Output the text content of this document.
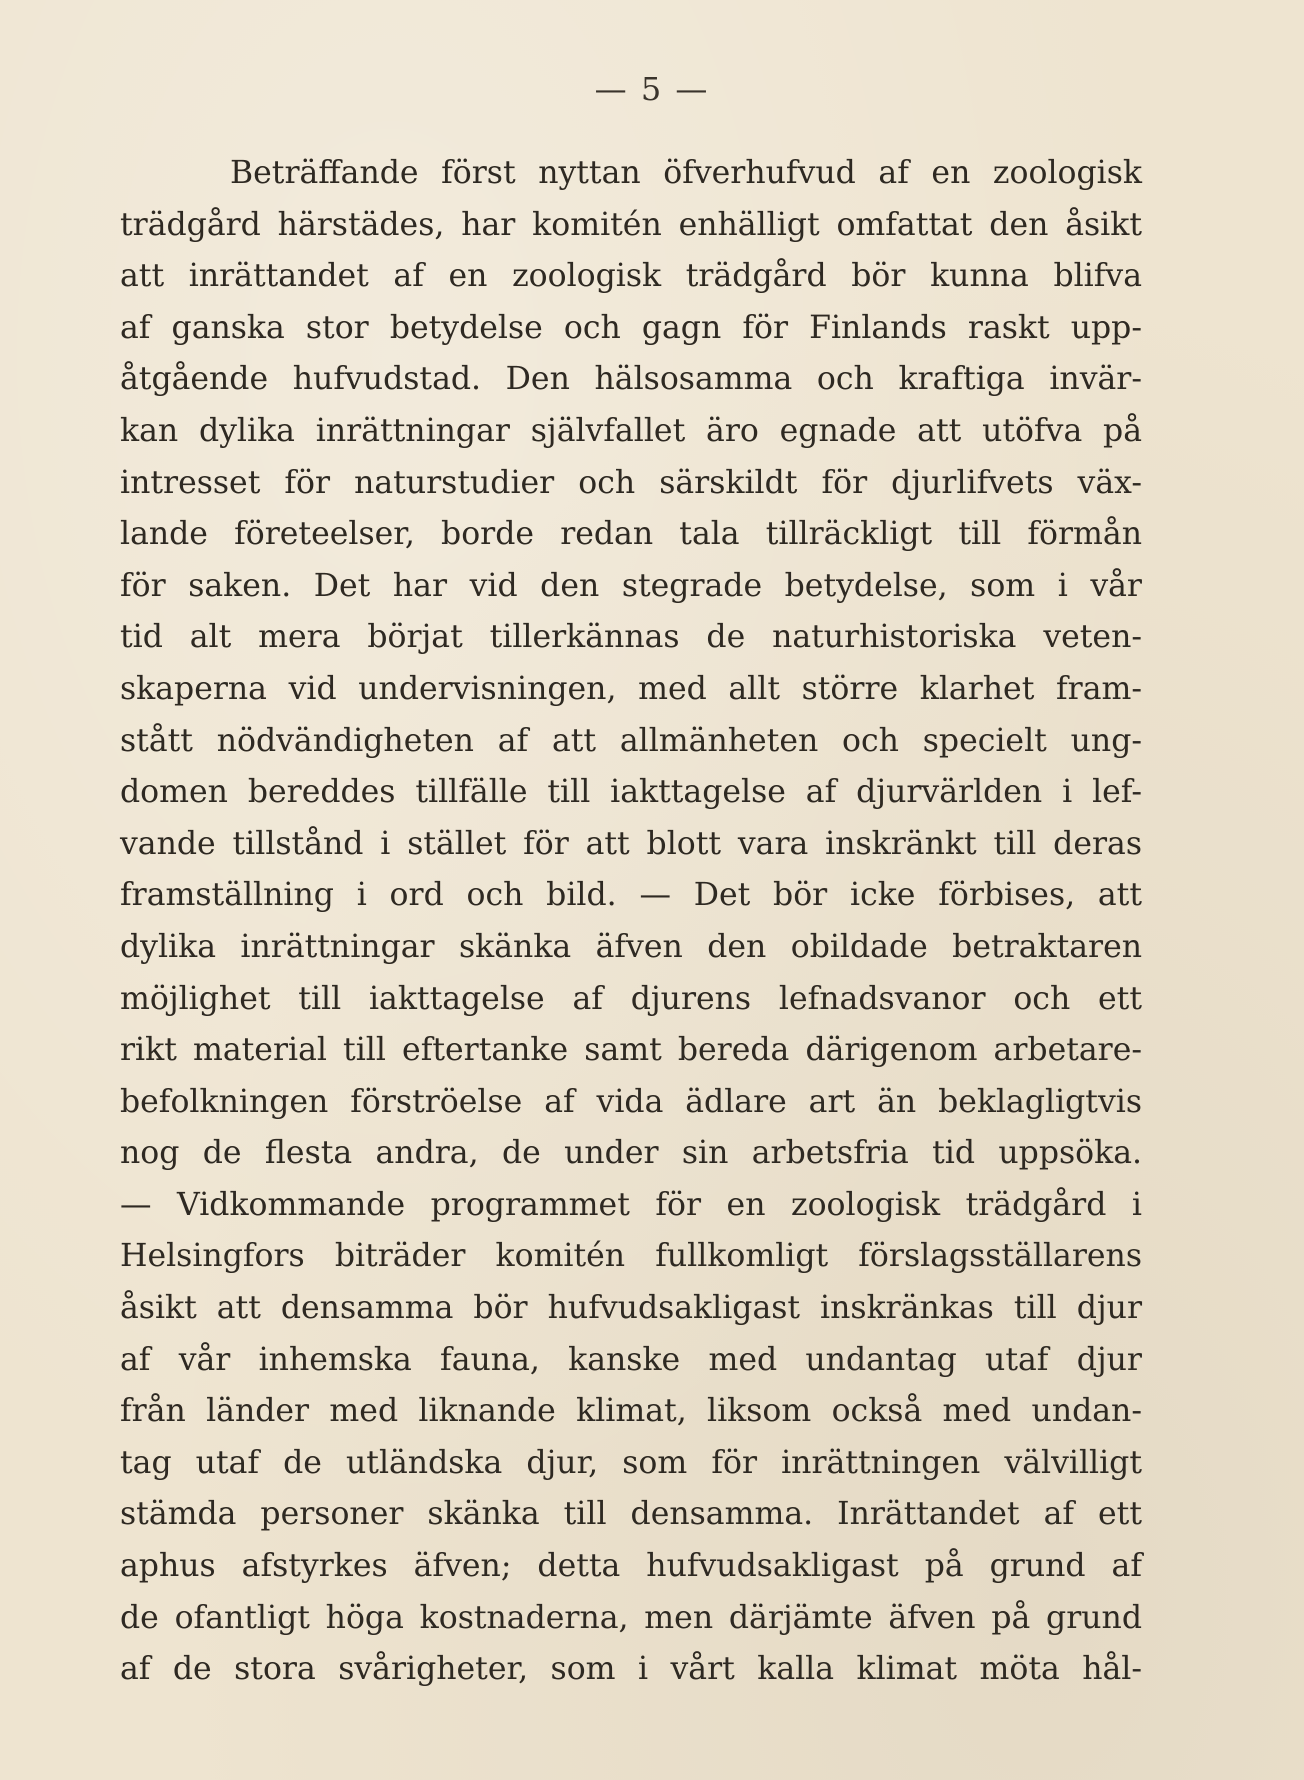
— 5 —
Beträffande först nyttan öfverhufvud af en zoologisk
trädgård härstädes, har komitén enhälligt omfattat den åsikt
att inrättandet af en zoologisk trädgård bör kunna blifva
af ganska stor betydelse och gagn för Finlands raskt upp-
åtgående hufvudstad. Den hälsosamma och kraftiga invär-
kan dylika inrättningar självfallet äro egnade att utöfva på
intresset för naturstudier och särskildt för djurlifvets väx-
lande företeelser, borde redan tala tillräckligt till förmån
för saken. Det har vid den stegrade betydelse, som i vår
tid alt mera börjat tillerkännas de naturhistoriska veten-
skaperna vid undervisningen, med allt större klarhet fram-
stått nödvändigheten af att allmänheten och specielt ung-
domen bereddes tillfälle till iakttagelse af djurvärlden i lef-
vande tillstånd i stället för att blott vara inskränkt till deras
framställning i ord och bild. — Det bör icke förbises, att
dylika inrättningar skänka äfven den obildade betraktaren
möjlighet till iakttagelse af djurens lefnadsvanor och ett
rikt material till eftertanke samt bereda därigenom arbetare-
befolkningen förströelse af vida ädlare art än beklagligtvis
nog de flesta andra, de under sin arbetsfria tid uppsöka.
— Vidkommande programmet för en zoologisk trädgård i
Helsingfors biträder komitén fullkomligt förslagsställarens
åsikt att densamma bör hufvudsakligast inskränkas till djur
af vår inhemska fauna, kanske med undantag utaf djur
från länder med liknande klimat, liksom också med undan-
tag utaf de utländska djur, som för inrättningen välvilligt
stämda personer skänka till densamma. Inrättandet af ett
aphus afstyrkes äfven; detta hufvudsakligast på grund af
de ofantligt höga kostnaderna, men därjämte äfven på grund
af de stora svårigheter, som i vårt kalla klimat möta hål-
